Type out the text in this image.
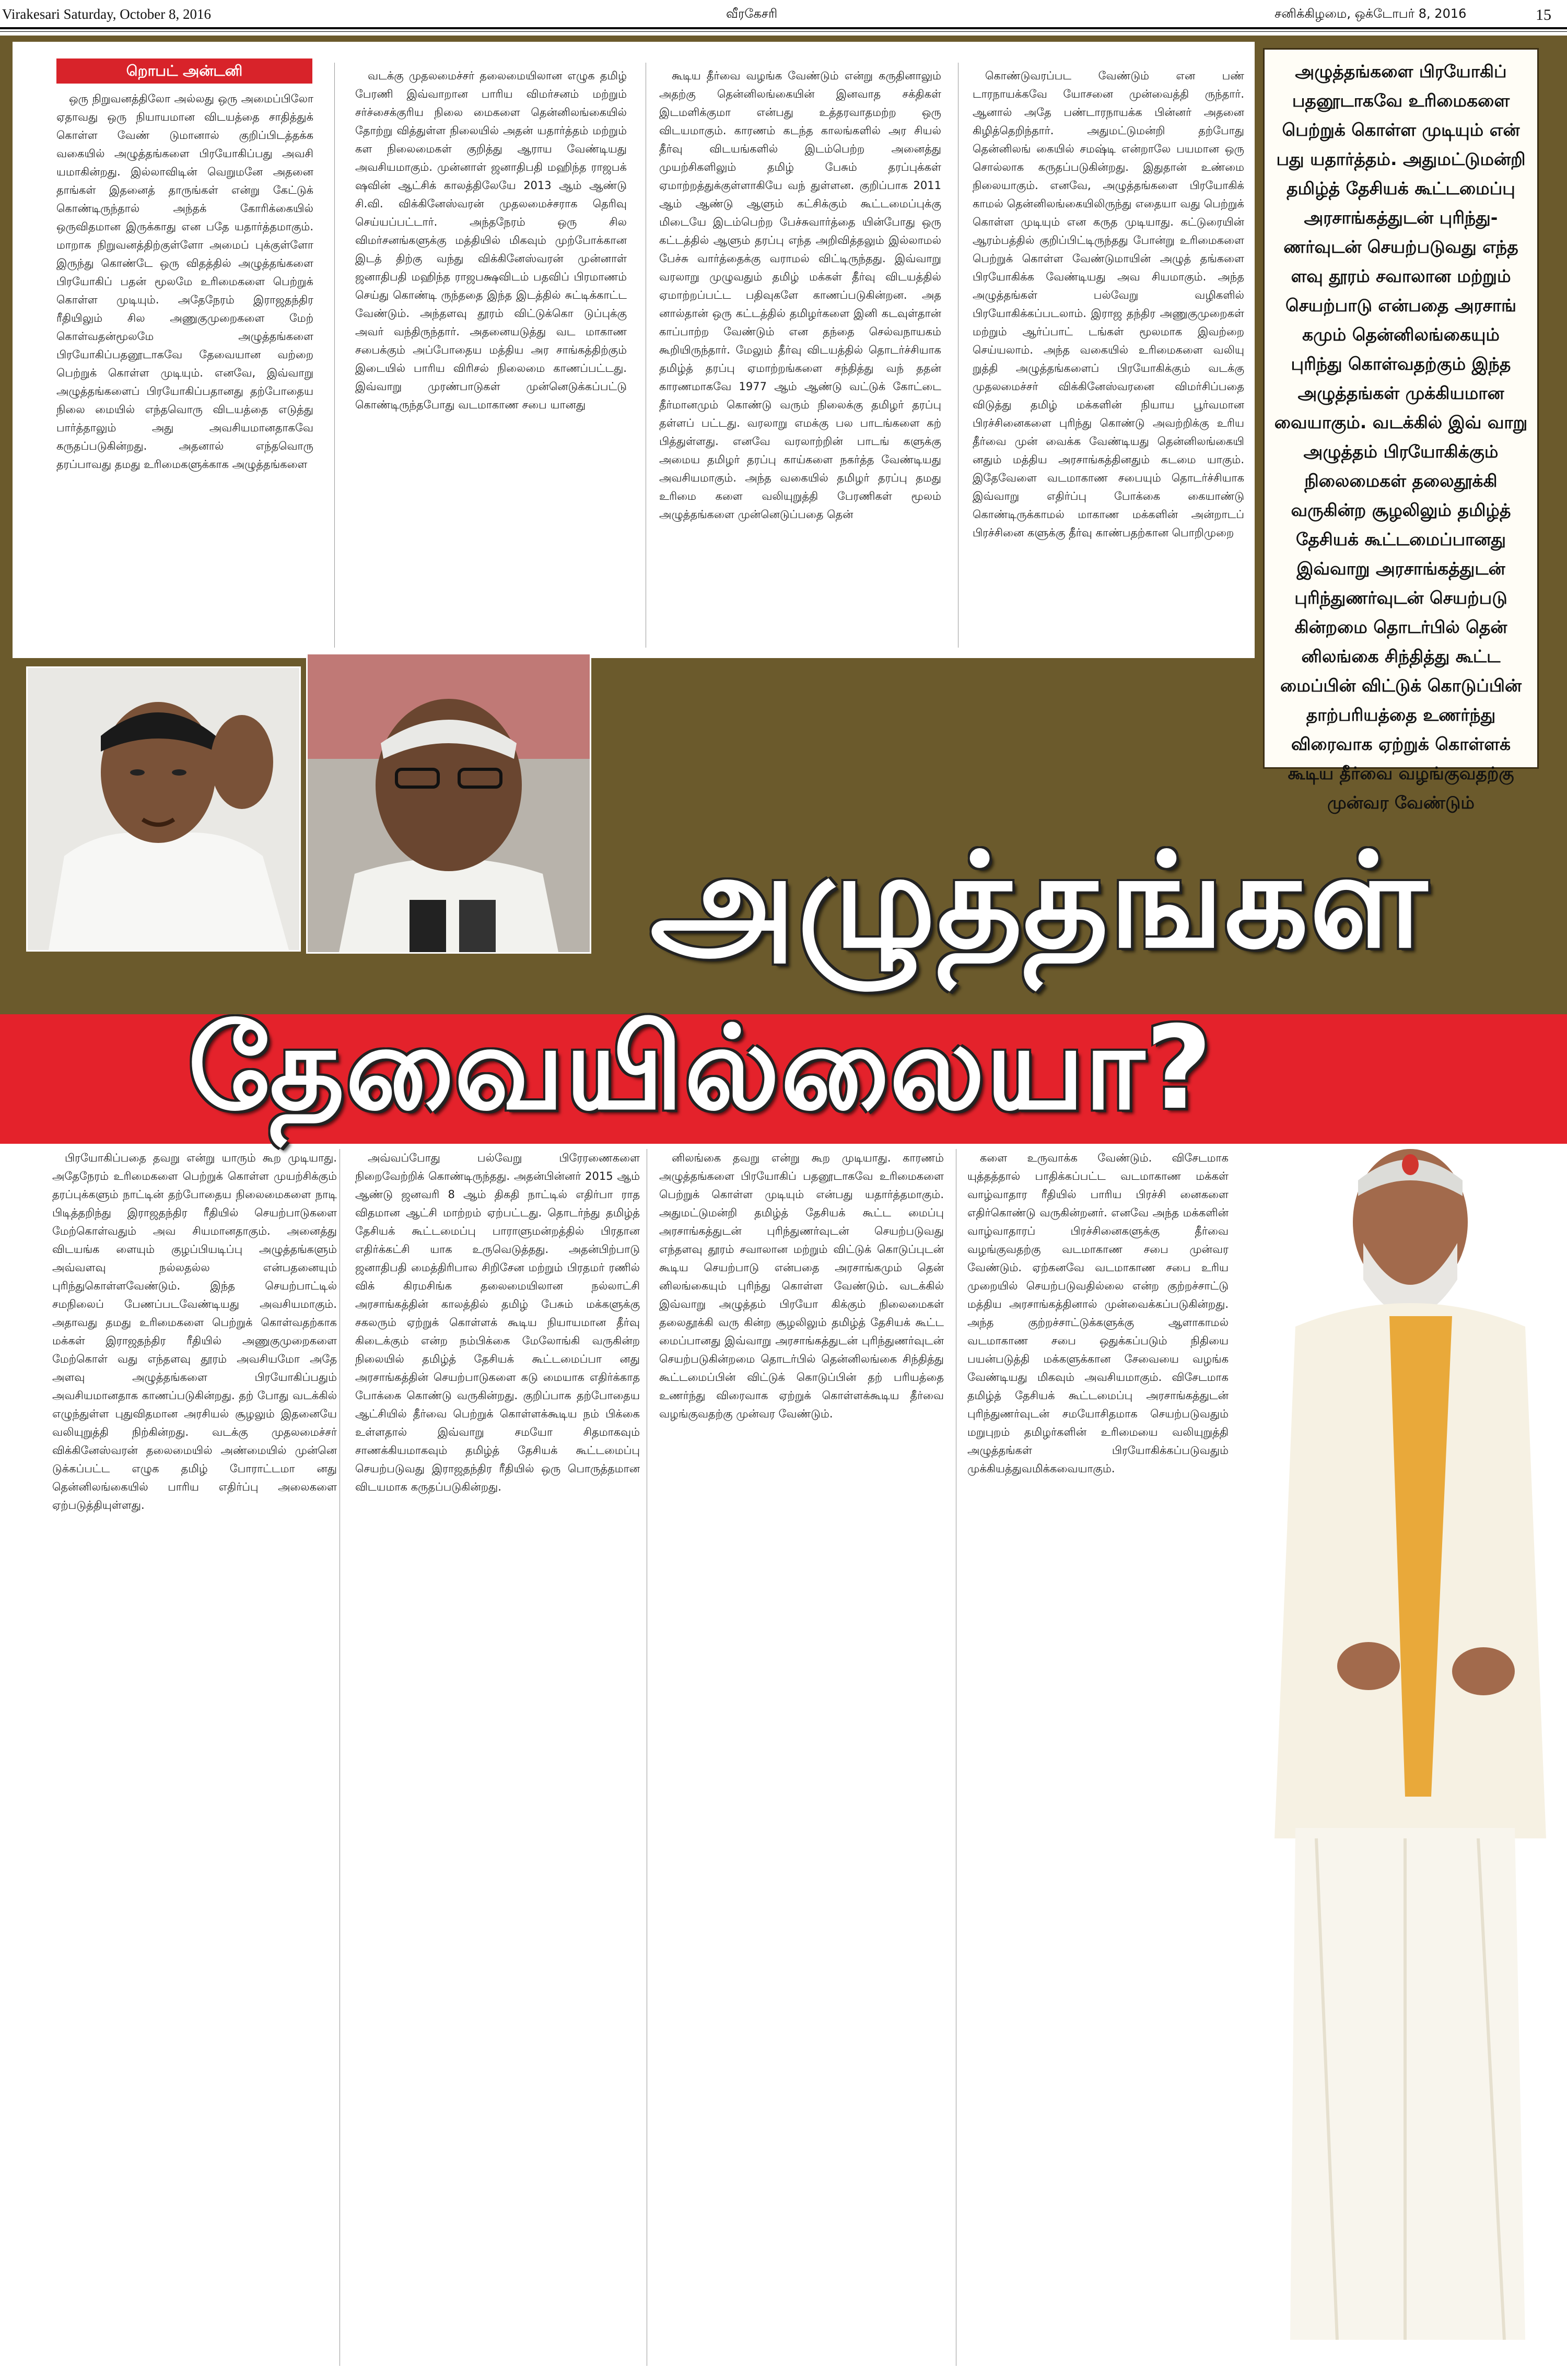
Virakesari Saturday, October 8, 2016	வீரகேசரி	சனிக்கிழமை, ஒக்டோபர் 8, 2016	15
றொபட் அன்டனி

ஒரு நிறுவனத்திலோ அல்லது ஒரு அமைப்பிலோ ஏதாவது ஒரு நியாயமான விடயத்தை சாதித்துக் கொள்ள வேண் டுமானால் குறிப்பிடத்தக்க வகையில் அழுத்தங்களை பிரயோகிப்பது அவசி யமாகின்றது. இல்லாவிடின் வெறுமனே அதனை தாங்கள் இதனைத் தாருங்கள் என்று கேட்டுக் கொண்டிருந்தால் அந்தக் கோரிக்கையில் ஒருவிதமான இருக்காது என பதே யதார்த்தமாகும். மாறாக நிறுவனத்திற்குள்ளோ அமைப் புக்குள்ளோ இருந்து கொண்டே ஒரு விதத்தில் அழுத்தங்களை பிரயோகிப் பதன் மூலமே உரிமைகளை பெற்றுக் கொள்ள முடியும். அதேநேரம் இராஜதந்திர ரீதியிலும் சில அணுகுமுறைகளை மேற் கொள்வதன்மூலமே அழுத்தங்களை பிரயோகிப்பதனூடாகவே தேவையான வற்றை பெற்றுக் கொள்ள முடியும். எனவே, இவ்வாறு அழுத்தங்களைப் பிரயோகிப்பதானது தற்போதைய நிலை மையில் எந்தவொரு விடயத்தை எடுத்து பார்த்தாலும் அது அவசியமானதாகவே கருதப்படுகின்றது. அதனால் எந்தவொரு தரப்பாவது தமது உரிமைகளுக்காக அழுத்தங்களை

வடக்கு முதலமைச்சர் தலைமையிலான எழுக தமிழ் பேரணி இவ்வாறான பாரிய விமர்சனம் மற்றும் சர்ச்சைக்குரிய நிலை மைகளை தென்னிலங்கையில் தோற்று வித்துள்ள நிலையில் அதன் யதார்த்தம் மற்றும் கள நிலைமைகள் குறித்து ஆராய வேண்டியது அவசியமாகும். முன்னாள் ஜனாதிபதி மஹிந்த ராஜபக் ஷவின் ஆட்சிக் காலத்திலேயே 2013 ஆம் ஆண்டு சி.வி. விக்கினேஸ்வரன் முதலமைச்சராக தெரிவு செய்யப்பட்டார். அந்தநேரம் ஒரு சில விமர்சனங்களுக்கு மத்தியில் மிகவும் முற்போக்கான இடத் திற்கு வந்து விக்கினேஸ்வரன் முன்னாள் ஜனாதிபதி மஹிந்த ராஜபக்ஷவிடம் பதவிப் பிரமாணம் செய்து கொண்டி ருந்ததை இந்த இடத்தில் சுட்டிக்காட்ட வேண்டும். அந்தளவு தூரம் விட்டுக்கொ டுப்புக்கு அவர் வந்திருந்தார். அதனையடுத்து வட மாகாண சபைக்கும் அப்போதைய மத்திய அர சாங்கத்திற்கும் இடையில் பாரிய விரிசல் நிலைமை காணப்பட்டது. இவ்வாறு முரண்பாடுகள் முன்னெடுக்கப்பட்டு கொண்டிருந்தபோது வடமாகாண சபை யானது

கூடிய தீர்வை வழங்க வேண்டும் என்று கருதினாலும் அதற்கு தென்னிலங்கையின் இனவாத சக்திகள் இடமளிக்குமா என்பது உத்தரவாதமற்ற ஒரு விடயமாகும். காரணம் கடந்த காலங்களில் அர சியல் தீர்வு விடயங்களில் இடம்பெற்ற அனைத்து முயற்சிகளிலும் தமிழ் பேசும் தரப்புக்கள் ஏமாற்றத்துக்குள்ளாகியே வந் துள்ளன. குறிப்பாக 2011 ஆம் ஆண்டு ஆளும் கட்சிக்கும் கூட்டமைப்புக்கு மிடையே இடம்பெற்ற பேச்சுவார்த்தை யின்போது ஒரு கட்டத்தில் ஆளும் தரப்பு எந்த அறிவித்தலும் இல்லாமல் பேச்சு வார்த்தைக்கு வராமல் விட்டிருந்தது. இவ்வாறு வரலாறு முழுவதும் தமிழ் மக்கள் தீர்வு விடயத்தில் ஏமாற்றப்பட்ட பதிவுகளே காணப்படுகின்றன. அத னால்தான் ஒரு கட்டத்தில் தமிழர்களை இனி கடவுள்தான் காப்பாற்ற வேண்டும் என தந்தை செல்வநாயகம் கூறியிருந்தார். மேலும் தீர்வு விடயத்தில் தொடர்ச்சியாக தமிழ்த் தரப்பு ஏமாற்றங்களை சந்தித்து வந் ததன் காரணமாகவே 1977 ஆம் ஆண்டு வட்டுக் கோட்டை தீர்மானமும் கொண்டு வரும் நிலைக்கு தமிழர் தரப்பு தள்ளப் பட்டது. வரலாறு எமக்கு பல பாடங்களை கற் பித்துள்ளது. எனவே வரலாற்றின் பாடங் களுக்கு அமைய தமிழர் தரப்பு காய்களை நகர்த்த வேண்டியது அவசியமாகும். அந்த வகையில் தமிழர் தரப்பு தமது உரிமை களை வலியுறுத்தி பேரணிகள் மூலம் அழுத்தங்களை முன்னெடுப்பதை தென்

கொண்டுவரப்பட வேண்டும் என பண் டாரநாயக்கவே யோசனை முன்வைத்தி ருந்தார். ஆனால் அதே பண்டாரநாயக்க பின்னர் அதனை கிழித்தெறிந்தார். அதுமட்டுமன்றி தற்போது தென்னிலங் கையில் சமஷ்டி என்றாலே பயமான ஒரு சொல்லாக கருதப்படுகின்றது. இதுதான் உண்மை நிலையாகும். எனவே, அழுத்தங்களை பிரயோகிக் காமல் தென்னிலங்கையிலிருந்து எதையா வது பெற்றுக் கொள்ள முடியும் என கருத முடியாது. கட்டுரையின் ஆரம்பத்தில் குறிப்பிட்டிருந்தது போன்று உரிமைகளை பெற்றுக் கொள்ள வேண்டுமாயின் அழுத் தங்களை பிரயோகிக்க வேண்டியது அவ சியமாகும். அந்த அழுத்தங்கள் பல்வேறு வழிகளில் பிரயோகிக்கப்படலாம். இராஜ தந்திர அணுகுமுறைகள் மற்றும் ஆர்ப்பாட் டங்கள் மூலமாக இவற்றை செய்யலாம். அந்த வகையில் உரிமைகளை வலியு றுத்தி அழுத்தங்களைப் பிரயோகிக்கும் வடக்கு முதலமைச்சர் விக்கினேஸ்வரனை விமர்சிப்பதை விடுத்து தமிழ் மக்களின் நியாய பூர்வமான பிரச்சினைகளை புரிந்து கொண்டு அவற்றிக்கு உரிய தீர்வை முன் வைக்க வேண்டியது தென்னிலங்கையி னதும் மத்திய அரசாங்கத்தினதும் கடமை யாகும். இதேவேளை வடமாகாண சபையும் தொடர்ச்சியாக இவ்வாறு எதிர்ப்பு போக்கை கையாண்டு கொண்டிருக்காமல் மாகாண மக்களின் அன்றாடப் பிரச்சினை களுக்கு தீர்வு காண்பதற்கான பொறிமுறை

அழுத்தங்களை பிரயோகிப் பதனூடாகவே உரிமைகளை பெற்றுக் கொள்ள முடியும் என் பது யதார்த்தம். அதுமட்டுமன்றி தமிழ்த் தேசியக் கூட்டமைப்பு அரசாங்கத்துடன் புரிந்து- ணர்வுடன் செயற்படுவது எந்த ளவு தூரம் சவாலான மற்றும் செயற்பாடு என்பதை அரசாங் கமும் தென்னிலங்கையும் புரிந்து கொள்வதற்கும் இந்த அழுத்தங்கள் முக்கியமான வையாகும். வடக்கில் இவ் வாறு அழுத்தம் பிரயோகிக்கும் நிலைமைகள் தலைதூக்கி வருகின்ற சூழலிலும் தமிழ்த் தேசியக் கூட்டமைப்பானது இவ்வாறு அரசாங்கத்துடன் புரிந்துணர்வுடன் செயற்படு கின்றமை தொடர்பில் தென் னிலங்கை சிந்தித்து கூட்ட மைப்பின் விட்டுக் கொடுப்பின் தாற்பரியத்தை உணர்ந்து விரைவாக ஏற்றுக் கொள்ளக் கூடிய தீர்வை வழங்குவதற்கு முன்வர வேண்டும்
அழுத்தங்கள்
தேவையில்லையா?

பிரயோகிப்பதை தவறு என்று யாரும் கூற முடியாது. அதேநேரம் உரிமைகளை பெற்றுக் கொள்ள முயற்சிக்கும் தரப்புக்களும் நாட்டின் தற்போதைய நிலைமைகளை நாடி பிடித்தறிந்து இராஜதந்திர ரீதியில் செயற்பாடுகளை மேற்கொள்வதும் அவ சியமானதாகும். அனைத்து விடயங்க ளையும் குழப்பியடிப்பு அழுத்தங்களும் அவ்வளவு நல்லதல்ல என்பதனையும் புரிந்துகொள்ளவேண்டும். இந்த செயற்பாட்டில் சமநிலைப் பேணப்படவேண்டியது அவசியமாகும். அதாவது தமது உரிமைகளை பெற்றுக் கொள்வதற்காக மக்கள் இராஜதந்திர ரீதியில் அணுகுமுறைகளை மேற்கொள் வது எந்தளவு தூரம் அவசியமோ அதே அளவு அழுத்தங்களை பிரயோகிப்பதும் அவசியமானதாக காணப்படுகின்றது. தற் போது வடக்கில் எழுந்துள்ள புதுவிதமான அரசியல் சூழலும் இதனையே வலியுறுத்தி நிற்கின்றது. வடக்கு முதலமைச்சர் விக்கினேஸ்வரன் தலைமையில் அண்மையில் முன்னெ டுக்கப்பட்ட எழுக தமிழ் போராட்டமா னது தென்னிலங்கையில் பாரிய எதிர்ப்பு அலைகளை ஏற்படுத்தியுள்ளது.

அவ்வப்போது பல்வேறு பிரேரணைகளை நிறைவேற்றிக் கொண்டிருந்தது. அதன்பின்னர் 2015 ஆம் ஆண்டு ஜனவரி 8 ஆம் திகதி நாட்டில் எதிர்பா ராத விதமான ஆட்சி மாற்றம் ஏற்பட்டது. தொடர்ந்து தமிழ்த் தேசியக் கூட்டமைப்பு பாராளுமன்றத்தில் பிரதான எதிர்க்கட்சி யாக உருவெடுத்தது. அதன்பிற்பாடு ஜனாதிபதி மைத்திரிபால சிறிசேன மற்றும் பிரதமர் ரணில் விக் கிரமசிங்க தலைமையிலான நல்லாட்சி அரசாங்கத்தின் காலத்தில் தமிழ் பேசும் மக்களுக்கு சகலரும் ஏற்றுக் கொள்ளக் கூடிய நியாயமான தீர்வு கிடைக்கும் என்ற நம்பிக்கை மேலோங்கி வருகின்ற நிலையில் தமிழ்த் தேசியக் கூட்டமைப்பா னது அரசாங்கத்தின் செயற்பாடுகளை கடு மையாக எதிர்க்காத போக்கை கொண்டு வருகின்றது. குறிப்பாக தற்போதைய ஆட்சியில் தீர்வை பெற்றுக் கொள்ளக்கூடிய நம் பிக்கை உள்ளதால் இவ்வாறு சமயோ சிதமாகவும் சாணக்கியமாகவும் தமிழ்த் தேசியக் கூட்டமைப்பு செயற்படுவது இராஜதந்திர ரீதியில் ஒரு பொருத்தமான விடயமாக கருதப்படுகின்றது.

னிலங்கை தவறு என்று கூற முடியாது. காரணம் அழுத்தங்களை பிரயோகிப் பதனூடாகவே உரிமைகளை பெற்றுக் கொள்ள முடியும் என்பது யதார்த்தமாகும். அதுமட்டுமன்றி தமிழ்த் தேசியக் கூட்ட மைப்பு அரசாங்கத்துடன் புரிந்துணர்வுடன் செயற்படுவது எந்தளவு தூரம் சவாலான மற்றும் விட்டுக் கொடுப்புடன் கூடிய செயற்பாடு என்பதை அரசாங்கமும் தென் னிலங்கையும் புரிந்து கொள்ள வேண்டும். வடக்கில் இவ்வாறு அழுத்தம் பிரயோ கிக்கும் நிலைமைகள் தலைதூக்கி வரு கின்ற சூழலிலும் தமிழ்த் தேசியக் கூட்ட மைப்பானது இவ்வாறு அரசாங்கத்துடன் புரிந்துணர்வுடன் செயற்படுகின்றமை தொடர்பில் தென்னிலங்கை சிந்தித்து கூட்டமைப்பின் விட்டுக் கொடுப்பின் தற் பரியத்தை உணர்ந்து விரைவாக ஏற்றுக் கொள்ளக்கூடிய தீர்வை வழங்குவதற்கு முன்வர வேண்டும்.

களை உருவாக்க வேண்டும். விசேடமாக யுத்தத்தால் பாதிக்கப்பட்ட வடமாகாண மக்கள் வாழ்வாதார ரீதியில் பாரிய பிரச்சி னைகளை எதிர்கொண்டு வருகின்றனர். எனவே அந்த மக்களின் வாழ்வாதாரப் பிரச்சினைகளுக்கு தீர்வை வழங்குவதற்கு வடமாகாண சபை முன்வர வேண்டும். ஏற்கனவே வடமாகாண சபை உரிய முறையில் செயற்படுவதில்லை என்ற குற்றச்சாட்டு மத்திய அரசாங்கத்தினால் முன்வைக்கப்படுகின்றது. அந்த குற்றச்சாட்டுக்களுக்கு ஆளாகாமல் வடமாகாண சபை ஒதுக்கப்படும் நிதியை பயன்படுத்தி மக்களுக்கான சேவையை வழங்க வேண்டியது மிகவும் அவசியமாகும். விசேடமாக தமிழ்த் தேசியக் கூட்டமைப்பு அரசாங்கத்துடன் புரிந்துணர்வுடன் சமயோசிதமாக செயற்படுவதும் மறுபுறம் தமிழர்களின் உரிமையை வலியுறுத்தி அழுத்தங்கள் பிரயோகிக்கப்படுவதும் முக்கியத்துவமிக்கவையாகும்.
